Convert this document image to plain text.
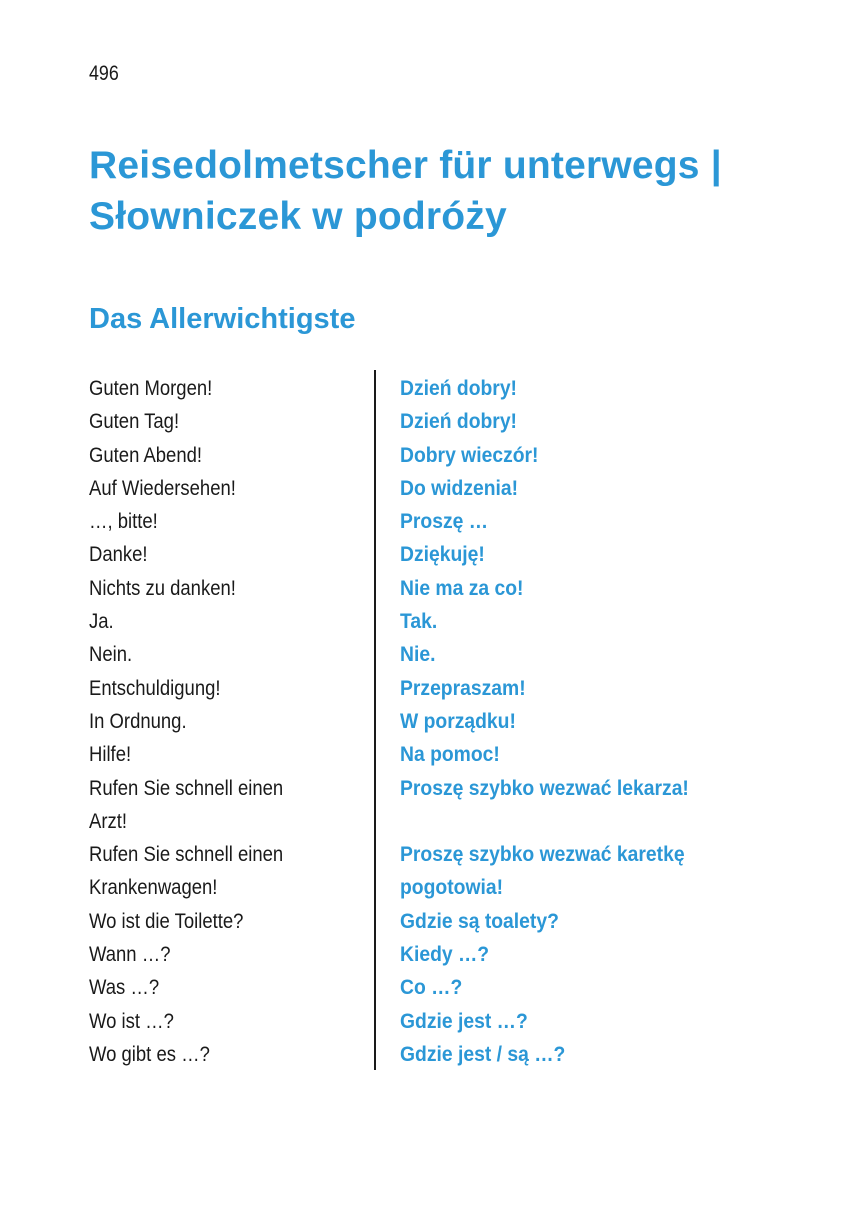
496
Reisedolmetscher für unterwegs |
Słowniczek w podróży
Das Allerwichtigste
Guten Morgen!
Guten Tag!
Guten Abend!
Auf Wiedersehen!
…, bitte!
Danke!
Nichts zu danken!
Ja.
Nein.
Entschuldigung!
In Ordnung.
Hilfe!
Rufen Sie schnell einen
Arzt!
Rufen Sie schnell einen
Krankenwagen!
Wo ist die Toilette?
Wann …?
Was …?
Wo ist …?
Wo gibt es …?
Dzień dobry!
Dzień dobry!
Dobry wieczór!
Do widzenia!
Proszę …
Dziękuję!
Nie ma za co!
Tak.
Nie.
Przepraszam!
W porządku!
Na pomoc!
Proszę szybko wezwać lekarza!
Proszę szybko wezwać karetkę
pogotowia!
Gdzie są toalety?
Kiedy …?
Co …?
Gdzie jest …?
Gdzie jest / są …?
